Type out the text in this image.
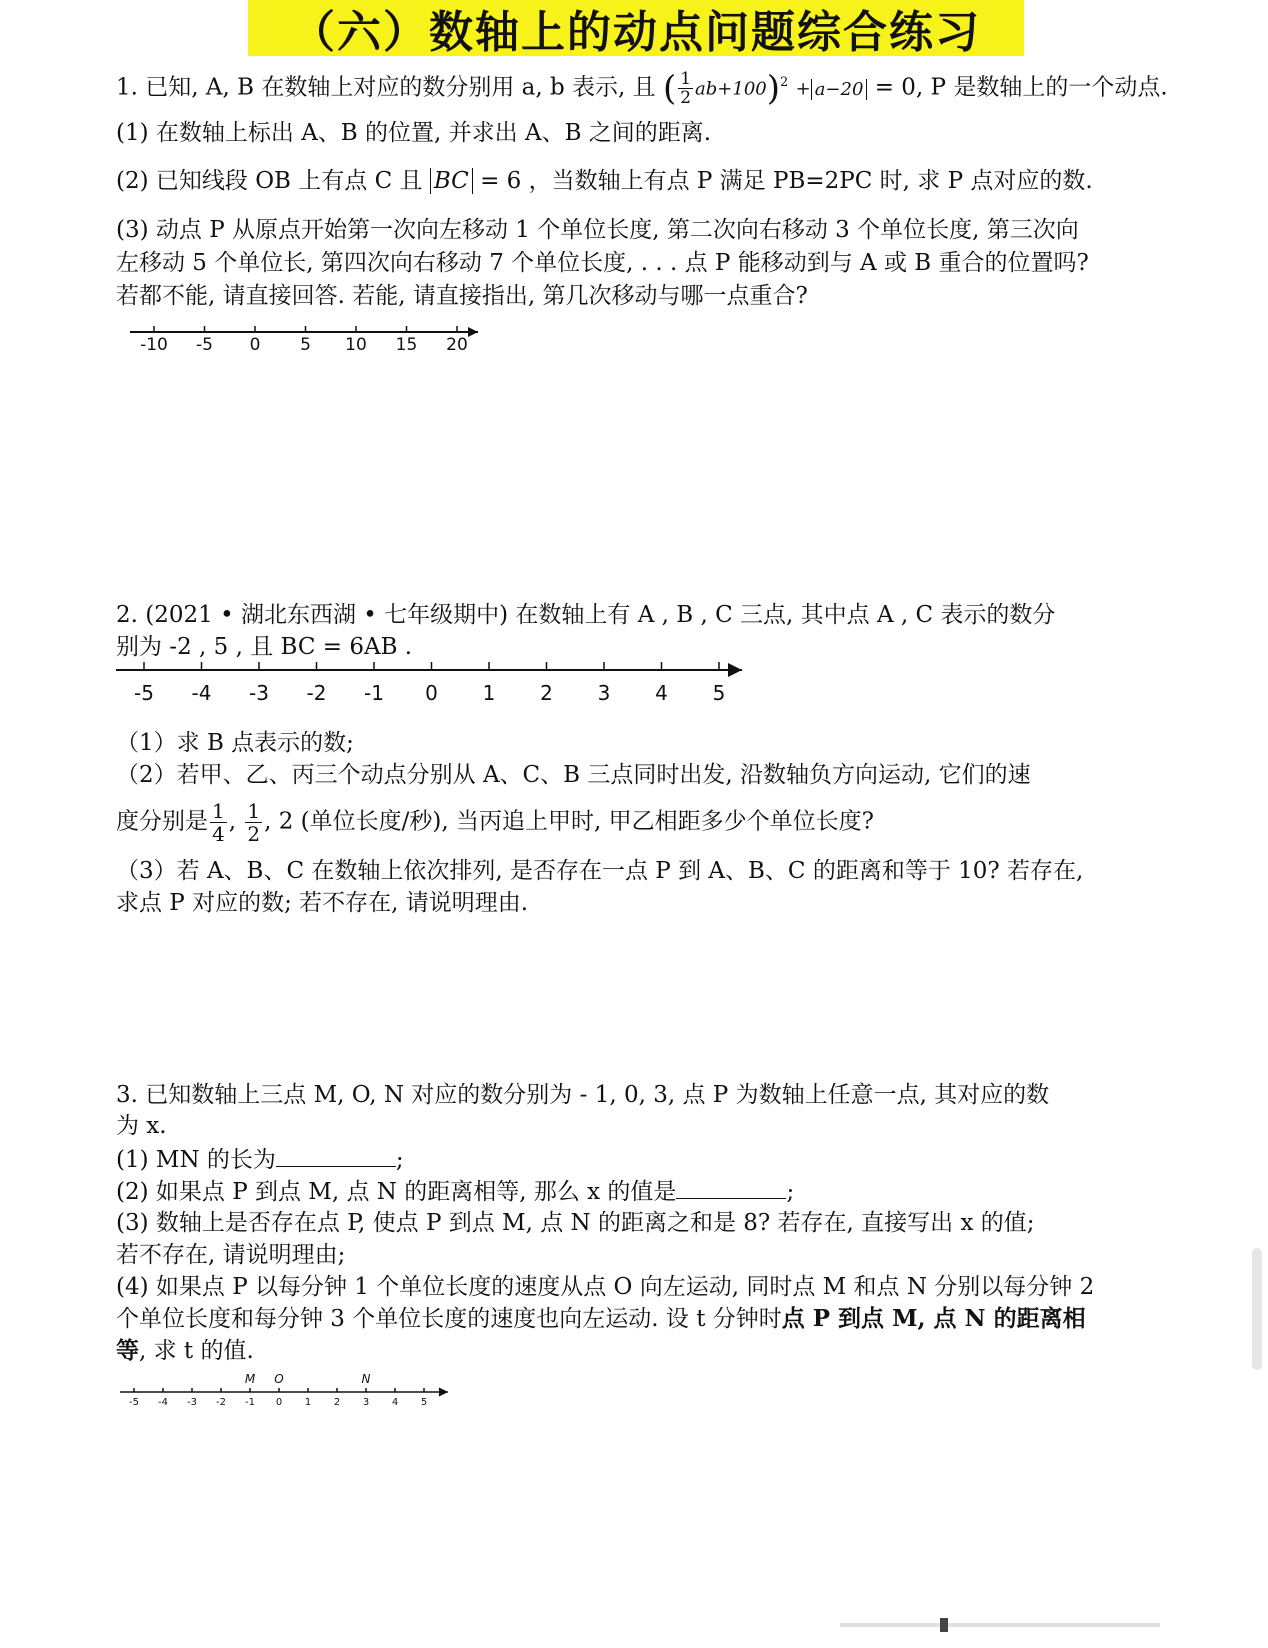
（六）数轴上的动点问题综合练习
1. 已知, A, B 在数轴上对应的数分别用 a, b 表示, 且 ( $\frac{1}{2} ab+100)^2 + a-20 = 0$, P 是数轴上的一个动点.
(1) 在数轴上标出 A、B 的位置, 并求出 A、B 之间的距离.
(2) 已知线段 OB 上有点 C 且 BC = 6 ，当数轴上有点 P 满足 PB=2PC 时, 求 P 点对应的数.
(3) 动点 P 从原点开始第一次向左移动 1 个单位长度, 第二次向右移动 3 个单位长度, 第三次向
左移动 5 个单位长, 第四次向右移动 7 个单位长度, . . . 点 P 能移动到与 A 或 B 重合的位置吗?
若都不能, 请直接回答. 若能, 请直接指出, 第几次移动与哪一点重合?
-10 -5 0 5 10 15 20
2. (2021 • 湖北东西湖 • 七年级期中) 在数轴上有 A , B , C 三点, 其中点 A , C 表示的数分
别为 -2 , 5 , 且 BC = 6AB .
-5 -4 -3 -2 -1 0 1 2 3 4 5
（1）求 B 点表示的数;
（2）若甲、乙、丙三个动点分别从 A、C、B 三点同时出发, 沿数轴负方向运动, 它们的速
度分别是 $\frac{1}{4}$ , $\frac{1}{2}$ , 2 (单位长度/秒), 当丙追上甲时, 甲乙相距多少个单位长度?
（3）若 A、B、C 在数轴上依次排列, 是否存在一点 P 到 A、B、C 的距离和等于 10? 若存在,
求点 P 对应的数; 若不存在, 请说明理由.
3. 已知数轴上三点 M, O, N 对应的数分别为 - 1, 0, 3, 点 P 为数轴上任意一点, 其对应的数
为 x.
(1) MN 的长为	;
(2) 如果点 P 到点 M, 点 N 的距离相等, 那么 x 的值是	;
(3) 数轴上是否存在点 P, 使点 P 到点 M, 点 N 的距离之和是 8? 若存在, 直接写出 x 的值;
若不存在, 请说明理由;
(4) 如果点 P 以每分钟 1 个单位长度的速度从点 O 向左运动, 同时点 M 和点 N 分别以每分钟 2
个单位长度和每分钟 3 个单位长度的速度也向左运动. 设 t 分钟时点 P 到点 M, 点 N 的距离相
等, 求 t 的值.
-5 -4 -3 -2 -1 0 1 2 3 4 5
M O	N
